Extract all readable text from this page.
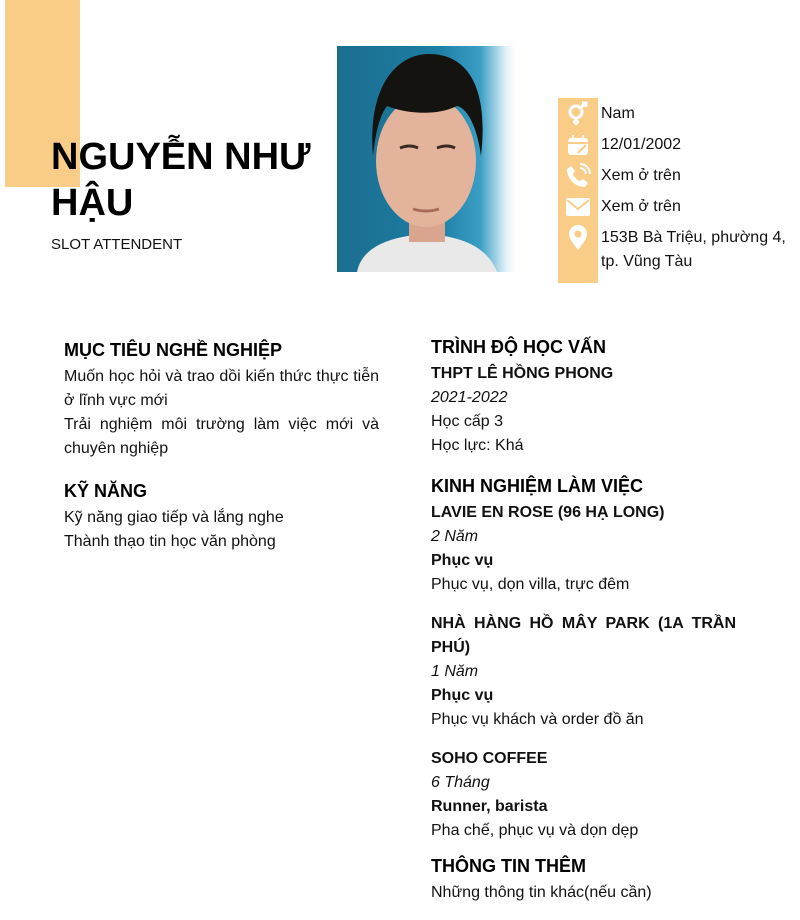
NGUYỄN NHƯ HẬU
SLOT ATTENDENT
Nam
12/01/2002
Xem ở trên
Xem ở trên
153B Bà Triệu, phường 4, tp. Vũng Tàu
MỤC TIÊU NGHỀ NGHIỆP
Muốn học hỏi và trao dồi kiến thức thực tiễn ở lĩnh vực mới
Trải nghiệm môi trường làm việc mới và chuyên nghiệp
KỸ NĂNG
Kỹ năng giao tiếp và lắng nghe
Thành thạo tin học văn phòng
TRÌNH ĐỘ HỌC VẤN
THPT LÊ HỒNG PHONG
2021-2022
Học cấp 3
Học lực: Khá
KINH NGHIỆM LÀM VIỆC
LAVIE EN ROSE (96 HẠ LONG)
2 Năm
Phục vụ
Phục vụ, dọn villa, trực đêm
NHÀ HÀNG HỒ MÂY PARK (1A TRẦN PHÚ)
1 Năm
Phục vụ
Phục vụ khách và order đồ ăn
SOHO COFFEE
6 Tháng
Runner, barista
Pha chế, phục vụ và dọn dẹp
THÔNG TIN THÊM
Những thông tin khác(nếu cần)
